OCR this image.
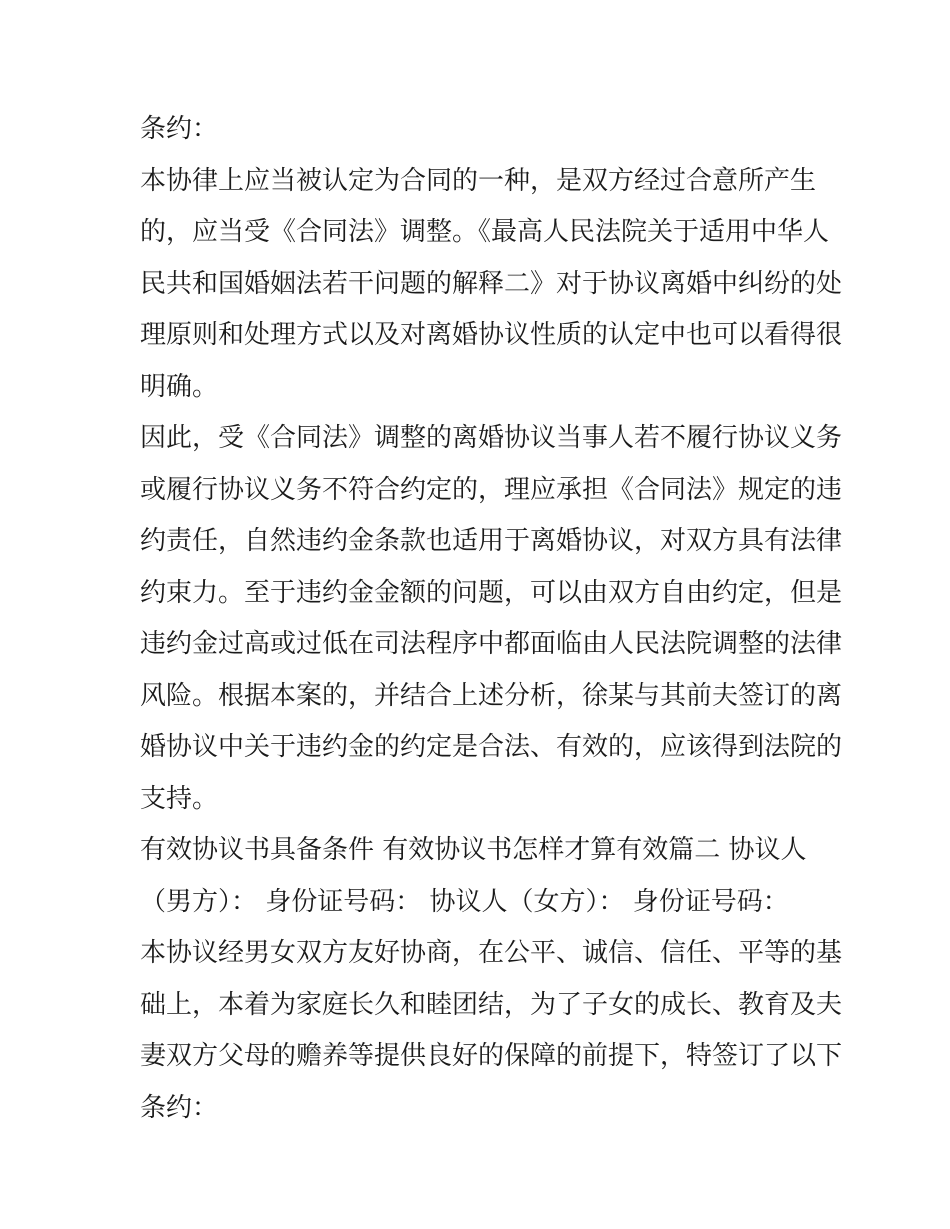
条约：

本协律上应当被认定为合同的一种，是双方经过合意所产生
的，应当受《合同法》调整。《最高人民法院关于适用中华人
民共和国婚姻法若干问题的解释二》对于协议离婚中纠纷的处
理原则和处理方式以及对离婚协议性质的认定中也可以看得很
明确。

因此，受《合同法》调整的离婚协议当事人若不履行协议义务
或履行协议义务不符合约定的，理应承担《合同法》规定的违
约责任，自然违约金条款也适用于离婚协议，对双方具有法律
约束力。至于违约金金额的问题，可以由双方自由约定，但是
违约金过高或过低在司法程序中都面临由人民法院调整的法律
风险。根据本案的，并结合上述分析，徐某与其前夫签订的离
婚协议中关于违约金的约定是合法、有效的，应该得到法院的
支持。

有效协议书具备条件 有效协议书怎样才算有效篇二 协议人
（男方）： 身份证号码： 协议人（女方）： 身份证号码：

本协议经男女双方友好协商，在公平、诚信、信任、平等的基
础上，本着为家庭长久和睦团结，为了子女的成长、教育及夫
妻双方父母的赡养等提供良好的保障的前提下，特签订了以下
条约：
